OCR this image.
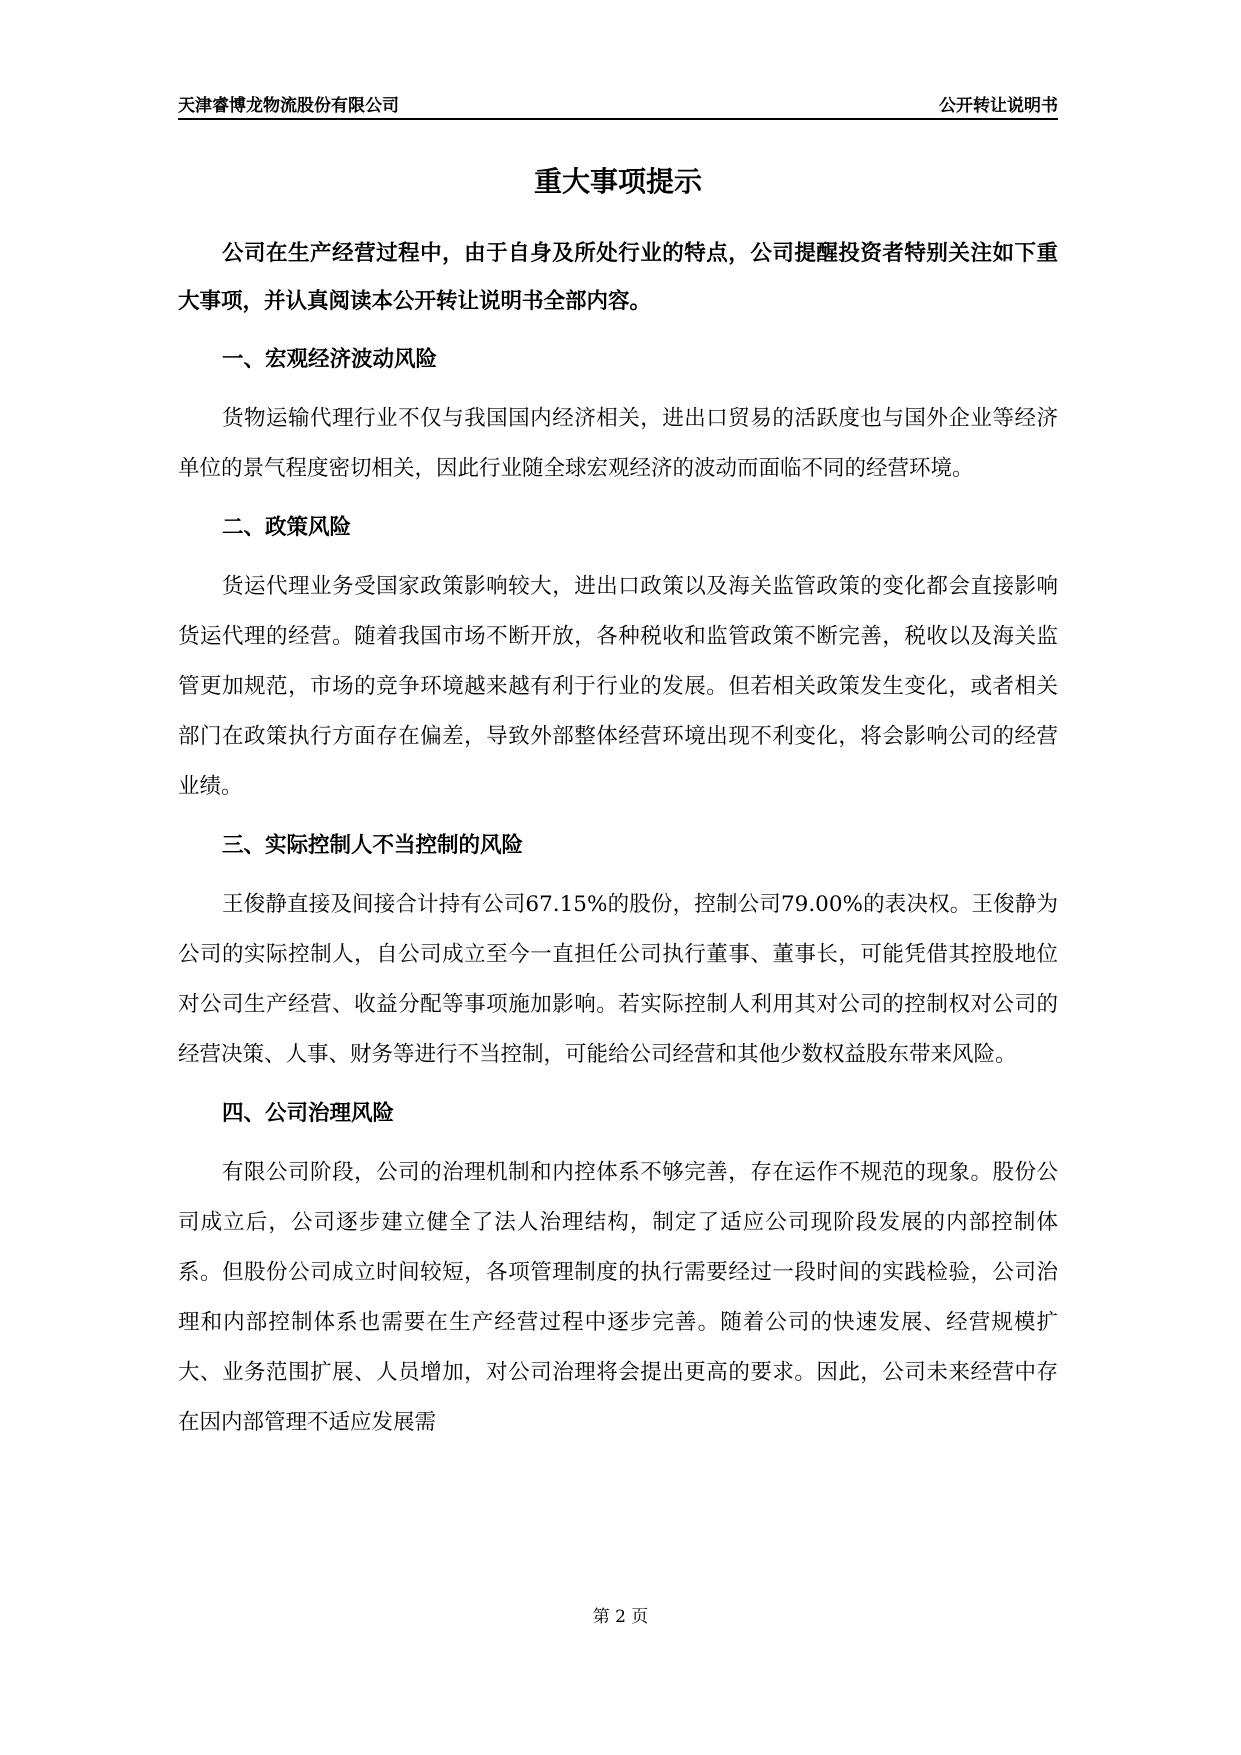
天津睿博龙物流股份有限公司	公开转让说明书
重大事项提示

公司在生产经营过程中，由于自身及所处行业的特点，公司提醒投资者特别关注如下重大事项，并认真阅读本公开转让说明书全部内容。

一、宏观经济波动风险

货物运输代理行业不仅与我国国内经济相关，进出口贸易的活跃度也与国外企业等经济单位的景气程度密切相关，因此行业随全球宏观经济的波动而面临不同的经营环境。

二、政策风险

货运代理业务受国家政策影响较大，进出口政策以及海关监管政策的变化都会直接影响货运代理的经营。随着我国市场不断开放，各种税收和监管政策不断完善，税收以及海关监管更加规范，市场的竞争环境越来越有利于行业的发展。但若相关政策发生变化，或者相关部门在政策执行方面存在偏差，导致外部整体经营环境出现不利变化，将会影响公司的经营业绩。

三、实际控制人不当控制的风险

王俊静直接及间接合计持有公司67.15%的股份，控制公司79.00%的表决权。王俊静为公司的实际控制人，自公司成立至今一直担任公司执行董事、董事长，可能凭借其控股地位对公司生产经营、收益分配等事项施加影响。若实际控制人利用其对公司的控制权对公司的经营决策、人事、财务等进行不当控制，可能给公司经营和其他少数权益股东带来风险。

四、公司治理风险

有限公司阶段，公司的治理机制和内控体系不够完善，存在运作不规范的现象。股份公司成立后，公司逐步建立健全了法人治理结构，制定了适应公司现阶段发展的内部控制体系。但股份公司成立时间较短，各项管理制度的执行需要经过一段时间的实践检验，公司治理和内部控制体系也需要在生产经营过程中逐步完善。随着公司的快速发展、经营规模扩大、业务范围扩展、人员增加，对公司治理将会提出更高的要求。因此，公司未来经营中存在因内部管理不适应发展需

第 2 页
